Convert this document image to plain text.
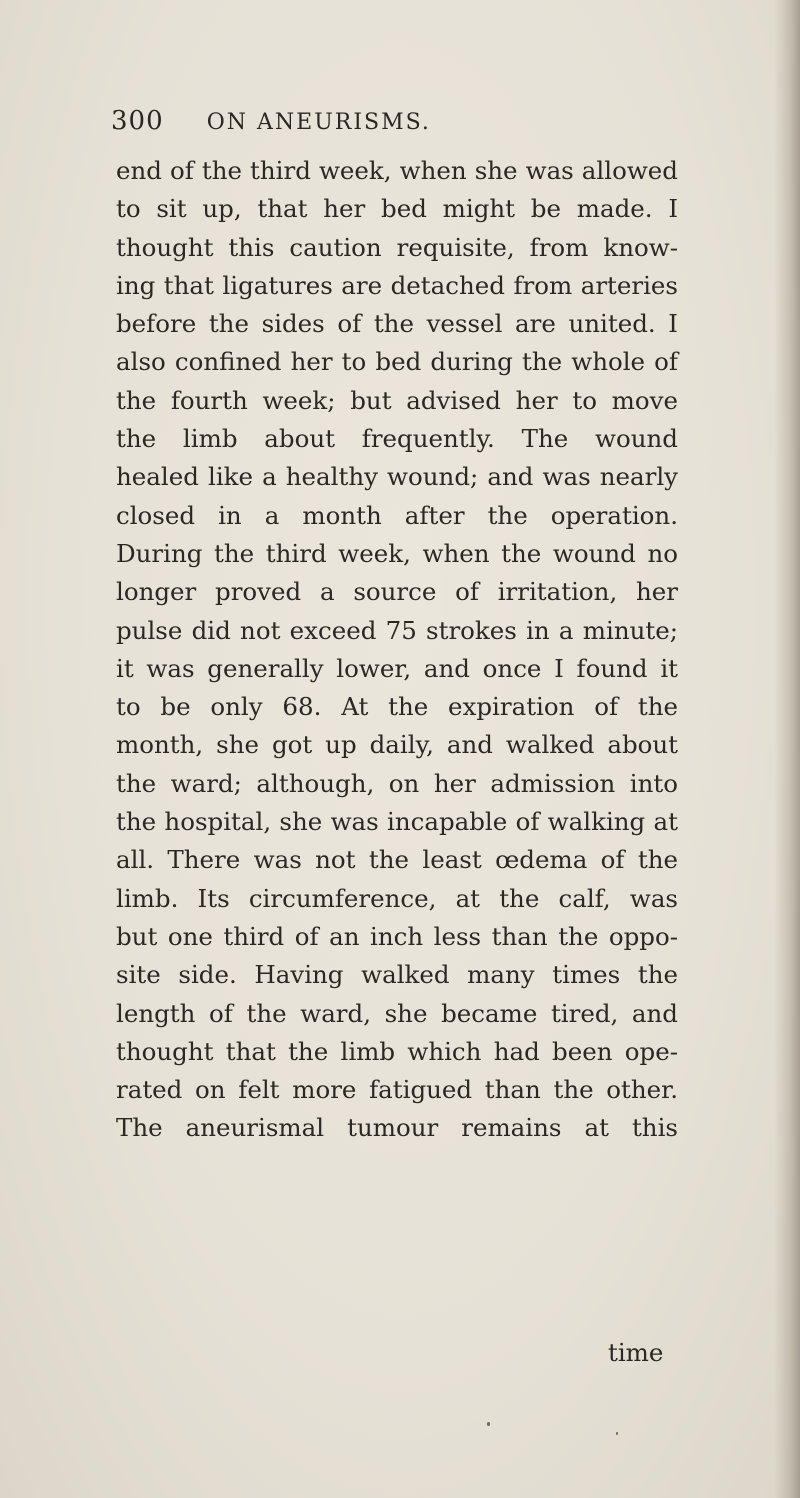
300 ON ANEURISMS.
end of the third week, when she was allowed
to sit up, that her bed might be made. I
thought this caution requisite, from know-
ing that ligatures are detached from arteries
before the sides of the vessel are united. I
also confined her to bed during the whole of
the fourth week; but advised her to move
the limb about frequently. The wound
healed like a healthy wound; and was nearly
closed in a month after the operation.
During the third week, when the wound no
longer proved a source of irritation, her
pulse did not exceed 75 strokes in a minute;
it was generally lower, and once I found it
to be only 68. At the expiration of the
month, she got up daily, and walked about
the ward; although, on her admission into
the hospital, she was incapable of walking at
all. There was not the least œdema of the
limb. Its circumference, at the calf, was
but one third of an inch less than the oppo-
site side. Having walked many times the
length of the ward, she became tired, and
thought that the limb which had been ope-
rated on felt more fatigued than the other.
The aneurismal tumour remains at this
time
